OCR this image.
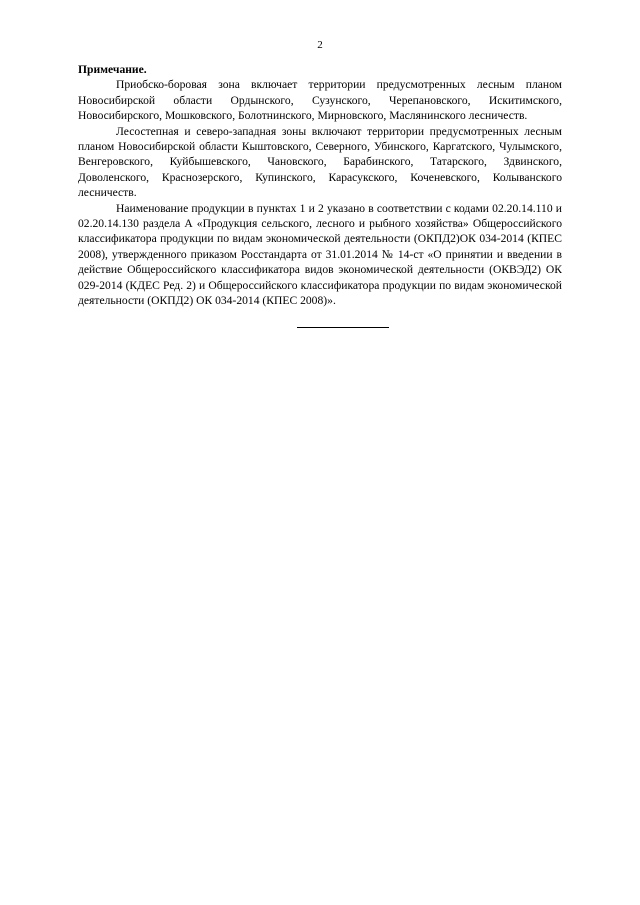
2

Примечание.

Приобско-боровая зона включает территории предусмотренных лесным планом Новосибирской области Ордынского, Сузунского, Черепановского, Искитимского, Новосибирского, Мошковского, Болотнинского, Мирновского, Маслянинского лесничеств.

Лесостепная и северо-западная зоны включают территории предусмотренных лесным планом Новосибирской области Кыштовского, Северного, Убинского, Каргатского, Чулымского, Венгеровского, Куйбышевского, Чановского, Барабинского, Татарского, Здвинского, Доволенского, Краснозерского, Купинского, Карасукского, Коченевского, Колыванского лесничеств.

Наименование продукции в пунктах 1 и 2 указано в соответствии с кодами 02.20.14.110 и 02.20.14.130 раздела А «Продукция сельского, лесного и рыбного хозяйства» Общероссийского классификатора продукции по видам экономической деятельности (ОКПД2)ОК 034-2014 (КПЕС 2008), утвержденного приказом Росстандарта от 31.01.2014 № 14-ст «О принятии и введении в действие Общероссийского классификатора видов экономической деятельности (ОКВЭД2) ОК 029-2014 (КДЕС Ред. 2) и Общероссийского классификатора продукции по видам экономической деятельности (ОКПД2) ОК 034-2014 (КПЕС 2008)».
